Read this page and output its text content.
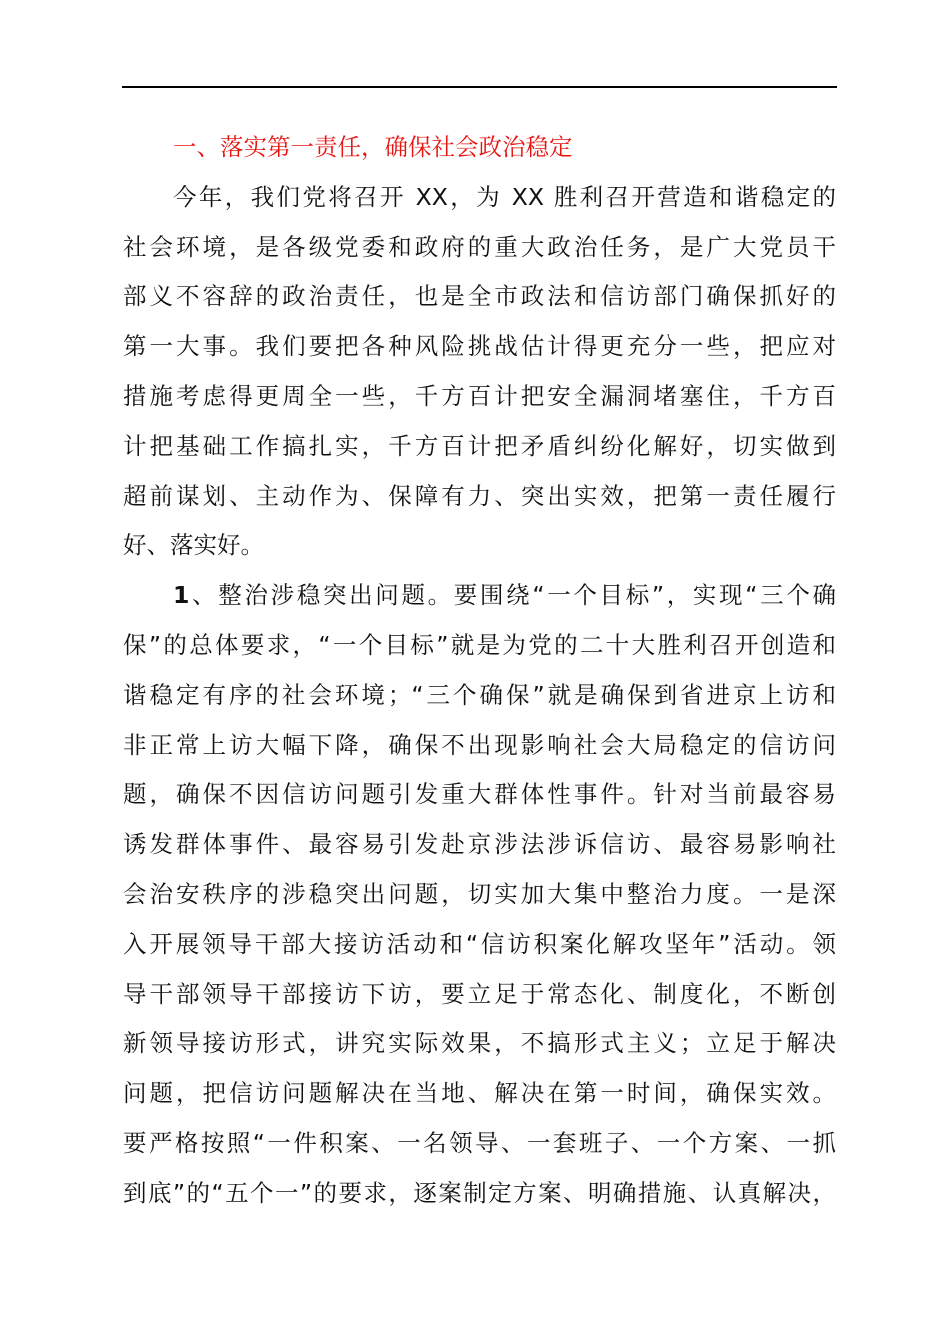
一、落实第一责任，确保社会政治稳定
今年，我们党将召开 XX，为 XX 胜利召开营造和谐稳定的
社会环境，是各级党委和政府的重大政治任务，是广大党员干
部义不容辞的政治责任，也是全市政法和信访部门确保抓好的
第一大事。我们要把各种风险挑战估计得更充分一些，把应对
措施考虑得更周全一些，千方百计把安全漏洞堵塞住，千方百
计把基础工作搞扎实，千方百计把矛盾纠纷化解好，切实做到
超前谋划、主动作为、保障有力、突出实效，把第一责任履行
好、落实好。
1、整治涉稳突出问题。要围绕“一个目标”，实现“三个确
保”的总体要求，“一个目标”就是为党的二十大胜利召开创造和
谐稳定有序的社会环境；“三个确保”就是确保到省进京上访和
非正常上访大幅下降，确保不出现影响社会大局稳定的信访问
题，确保不因信访问题引发重大群体性事件。针对当前最容易
诱发群体事件、最容易引发赴京涉法涉诉信访、最容易影响社
会治安秩序的涉稳突出问题，切实加大集中整治力度。一是深
入开展领导干部大接访活动和“信访积案化解攻坚年”活动。领
导干部领导干部接访下访，要立足于常态化、制度化，不断创
新领导接访形式，讲究实际效果，不搞形式主义；立足于解决
问题，把信访问题解决在当地、解决在第一时间，确保实效。
要严格按照“一件积案、一名领导、一套班子、一个方案、一抓
到底”的“五个一”的要求，逐案制定方案、明确措施、认真解决，
